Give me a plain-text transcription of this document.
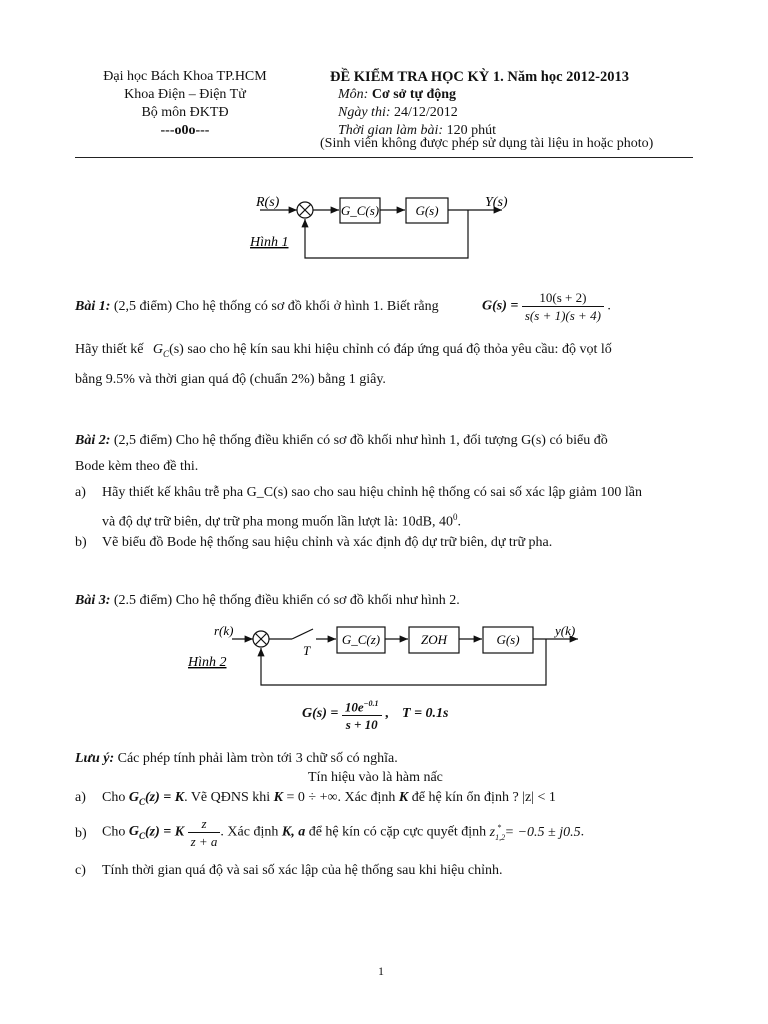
Đại học Bách Khoa TP.HCM
Khoa Điện – Điện Tử
Bộ môn ĐKTĐ
---o0o---
ĐỀ KIỂM TRA HỌC KỲ 1. Năm học 2012-2013
Môn: Cơ sở tự động
Ngày thi: 24/12/2012
Thời gian làm bài: 120 phút
(Sinh viên không được phép sử dụng tài liệu in hoặc photo)
R(s)
G_C(s)	G(s)
Y(s)
Hình 1
Bài 1: (2,5 điểm) Cho hệ thống có sơ đồ khối ở hình 1. Biết rằng	$G(s) = \frac{10(s + 2)}{s(s + 1)(s + 4)}$ .
Hãy thiết kế $G_C(s)$ sao cho hệ kín sau khi hiệu chỉnh có đáp ứng quá độ thỏa yêu cầu: độ vọt lố
bằng 9.5% và thời gian quá độ (chuẩn 2%) bằng 1 giây.
Bài 2: (2,5 điểm) Cho hệ thống điều khiển có sơ đồ khối như hình 1, đối tượng G(s) có biểu đồ
Bode kèm theo đề thi.
a) Hãy thiết kế khâu trễ pha G_C(s) sao cho sau hiệu chỉnh hệ thống có sai số xác lập giảm 100 lần
và độ dự trữ biên, dự trữ pha mong muốn lần lượt là: 10dB, $40^0$.
b) Vẽ biểu đồ Bode hệ thống sau hiệu chỉnh và xác định độ dự trữ biên, dự trữ pha.
Bài 3: (2.5 điểm) Cho hệ thống điều khiển có sơ đồ khối như hình 2.
r(k)
T
G_C(z)	ZOH	G(s)
y(k)
Hình 2
$G(s) = \frac{10e^{-0.1}}{s + 10}$ , T = 0.1s
Lưu ý: Các phép tính phải làm tròn tới 3 chữ số có nghĩa.
Tín hiệu vào là hàm nấc
a) Cho $G_C(z) = K$. Vẽ QĐNS khi K = 0 ÷ +∞. Xác định K để hệ kín ổn định ? |z| < 1
b) Cho $G_C(z) = K \frac{z}{z + a}$ . Xác định K, a để hệ kín có cặp cực quyết định $z_{1,2}^* = -0.5 \pm j0.5$.
c) Tính thời gian quá độ và sai số xác lập của hệ thống sau khi hiệu chỉnh.
1
